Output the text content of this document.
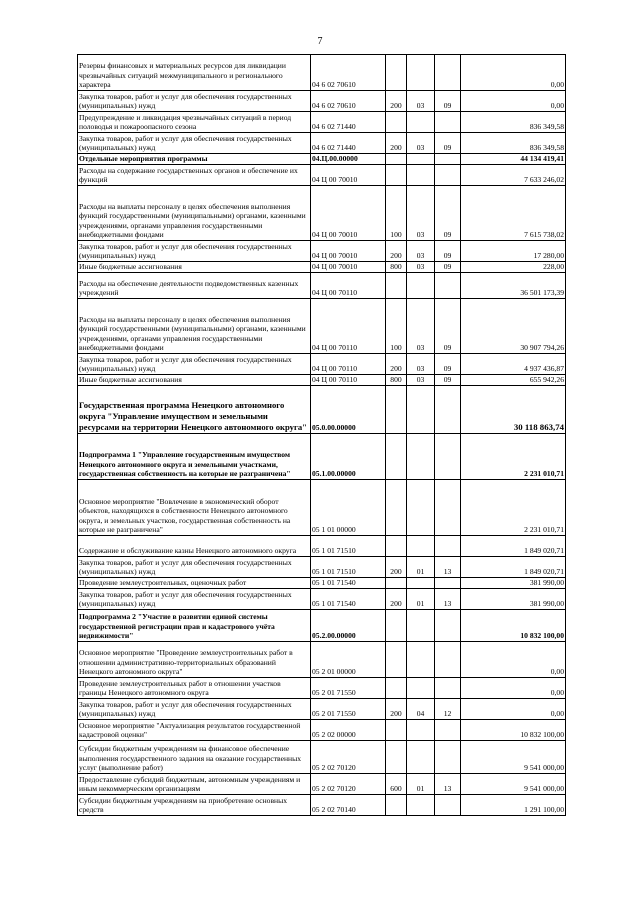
7
Резервы финансовых и материальных ресурсов для ликвидации чрезвычайных ситуаций межмуниципального и регионального характера	04 6 02 70610				0,00
Закупка товаров, работ и услуг для обеспечения государственных (муниципальных) нужд	04 6 02 70610	200	03	09	0,00
Предупреждение и ликвидация чрезвычайных ситуаций в период половодья и пожароопасного сезона	04 6 02 71440				836 349,58
Закупка товаров, работ и услуг для обеспечения государственных (муниципальных) нужд	04 6 02 71440	200	03	09	836 349,58
Отдельные мероприятия программы	04.Ц.00.00000				44 134 419,41
Расходы на содержание государственных органов и обеспечение их функций	04 Ц 00 70010				7 633 246,02
Расходы на выплаты персоналу в целях обеспечения выполнения функций государственными (муниципальными) органами, казенными учреждениями, органами управления государственными внебюджетными фондами	04 Ц 00 70010	100	03	09	7 615 738,02
Закупка товаров, работ и услуг для обеспечения государственных (муниципальных) нужд	04 Ц 00 70010	200	03	09	17 280,00
Иные бюджетные ассигнования	04 Ц 00 70010	800	03	09	228,00
Расходы на обеспечение деятельности подведомственных казенных учреждений	04 Ц 00 70110				36 501 173,39
Расходы на выплаты персоналу в целях обеспечения выполнения функций государственными (муниципальными) органами, казенными учреждениями, органами управления государственными внебюджетными фондами	04 Ц 00 70110	100	03	09	30 907 794,26
Закупка товаров, работ и услуг для обеспечения государственных (муниципальных) нужд	04 Ц 00 70110	200	03	09	4 937 436,87
Иные бюджетные ассигнования	04 Ц 00 70110	800	03	09	655 942,26
Государственная программа Ненецкого автономного округа "Управление имуществом и земельными ресурсами на территории Ненецкого автономного округа"	05.0.00.00000				30 118 863,74
Подпрограмма 1 "Управление государственным имуществом Ненецкого автономного округа и земельными участками, государственная собственность на которые не разграничена"	05.1.00.00000				2 231 010,71
Основное мероприятие "Вовлечение в экономический оборот объектов, находящихся в собственности Ненецкого автономного округа, и земельных участков, государственная собственность на которые не разграничена"	05 1 01 00000				2 231 010,71
Содержание и обслуживание казны Ненецкого автономного округа	05 1 01 71510				1 849 020,71
Закупка товаров, работ и услуг для обеспечения государственных (муниципальных) нужд	05 1 01 71510	200	01	13	1 849 020,71
Проведение землеустроительных, оценочных работ	05 1 01 71540				381 990,00
Закупка товаров, работ и услуг для обеспечения государственных (муниципальных) нужд	05 1 01 71540	200	01	13	381 990,00
Подпрограмма 2 "Участие в развитии единой системы государственной регистрации прав и кадастрового учёта недвижимости"	05.2.00.00000				10 832 100,00
Основное мероприятие "Проведение землеустроительных работ в отношении административно-территориальных образований Ненецкого автономного округа"	05 2 01 00000				0,00
Проведение землеустроительных работ в отношении участков границы Ненецкого автономного округа	05 2 01 71550				0,00
Закупка товаров, работ и услуг для обеспечения государственных (муниципальных) нужд	05 2 01 71550	200	04	12	0,00
Основное мероприятие "Актуализация результатов государственной кадастровой оценки"	05 2 02 00000				10 832 100,00
Субсидии бюджетным учреждениям на финансовое обеспечение выполнения государственного задания на оказание государственных услуг (выполнение работ)	05 2 02 70120				9 541 000,00
Предоставление субсидий бюджетным, автономным учреждениям и иным некоммерческим организациям	05 2 02 70120	600	01	13	9 541 000,00
Субсидии бюджетным учреждениям на приобретение основных средств	05 2 02 70140				1 291 100,00
